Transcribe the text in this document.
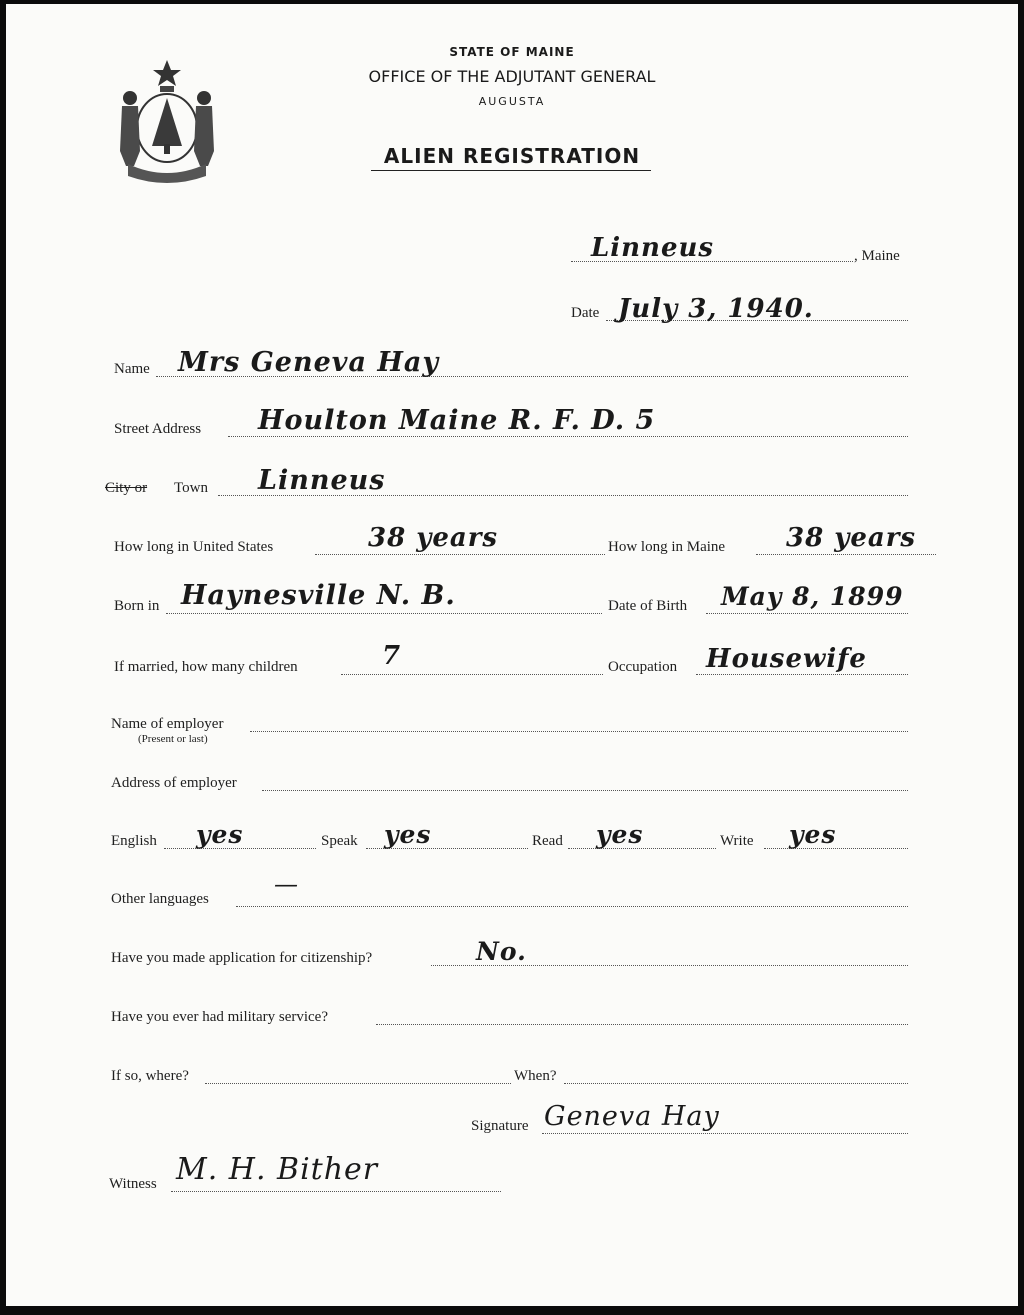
STATE OF MAINE
OFFICE OF THE ADJUTANT GENERAL
AUGUSTA
ALIEN REGISTRATION
Linneus	, Maine
Date July 3, 1940.
Name Mrs Geneva Hay
Street Address Houlton Maine R. F. D. 5
City or Town Linneus
How long in United States	38 years	How long in Maine 38 years
Born in Haynesville N. B.	Date of Birth May 8, 1899
If married, how many children	7	Occupation Housewife
Name of employer
(Present or last)
Address of employer
English yes	Speak yes	Read yes	Write yes
Other languages
—
Have you made application for citizenship?	No.
Have you ever had military service?
If so, where?	When?
Signature Geneva Hay
Witness M. H. Bither
